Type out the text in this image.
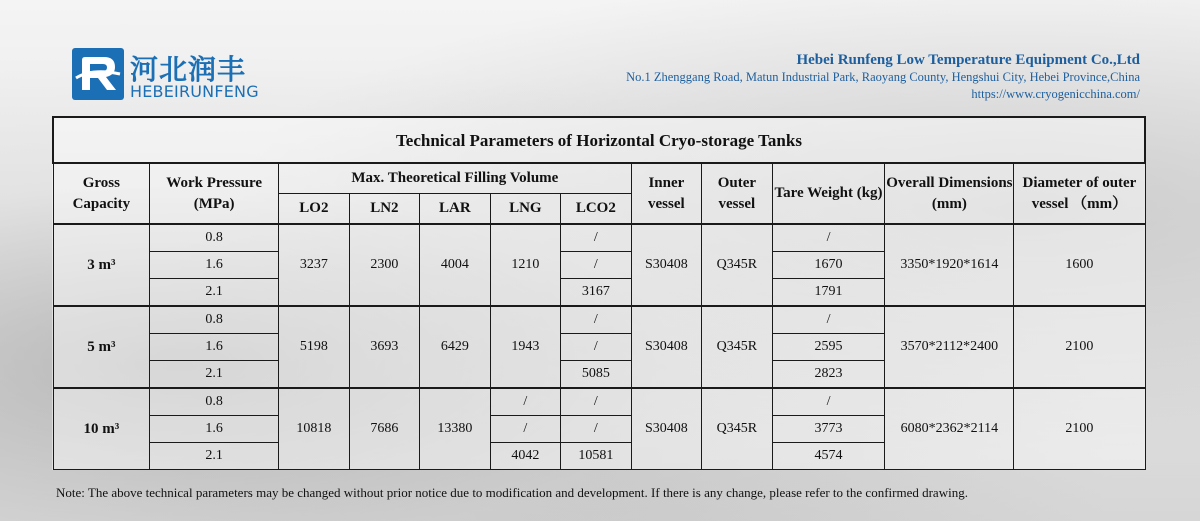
河北润丰
HEBEIRUNFENG
Hebei Runfeng Low Temperature Equipment Co.,Ltd
No.1 Zhenggang Road, Matun Industrial Park, Raoyang County, Hengshui City, Hebei Province,China
https://www.cryogenicchina.com/
Technical Parameters of Horizontal Cryo-storage Tanks											
Gross Capacity	Work Pressure (MPa)	Max. Theoretical Filling Volume					Inner vessel	Outer vessel	Tare Weight (kg)	Overall Dimensions (mm)	Diameter of outer vessel （mm）
		LO2	LN2	LAR	LNG	LCO2					
3 m³	0.8	3237	2300	4004	1210	/	S30408	Q345R	/	3350*1920*1614	1600
	1.6					/			1670		
	2.1					3167			1791		
5 m³	0.8	5198	3693	6429	1943	/	S30408	Q345R	/	3570*2112*2400	2100
	1.6					/			2595		
	2.1					5085			2823		
10 m³	0.8	10818	7686	13380	/	/	S30408	Q345R	/	6080*2362*2114	2100
	1.6				/	/			3773		
	2.1				4042	10581			4574		
Note: The above technical parameters may be changed without prior notice due to modification and development. If there is any change, please refer to the confirmed drawing.
